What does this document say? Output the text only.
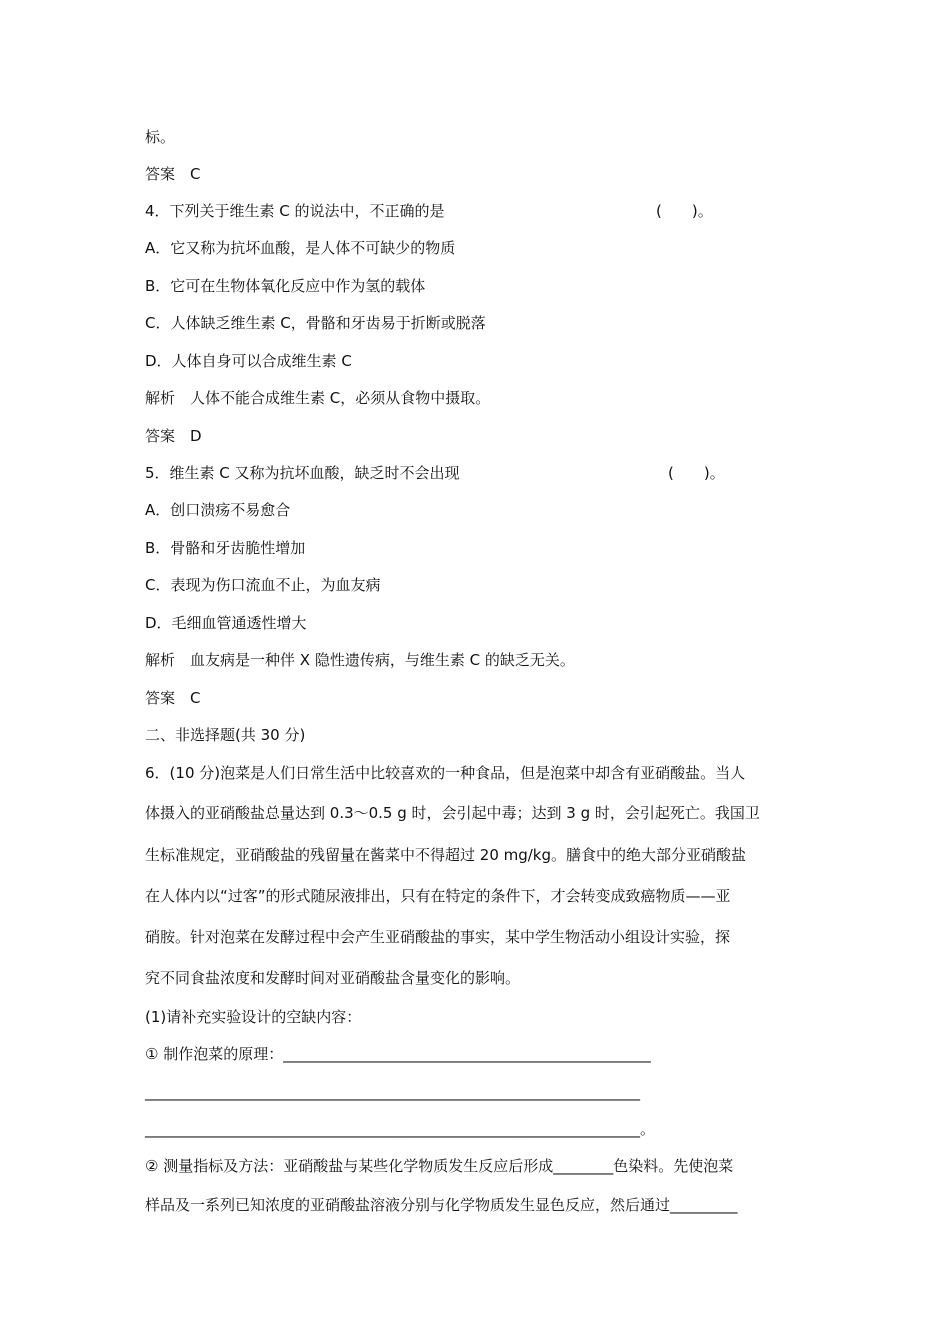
标。
答案　C
4．下列关于维生素 C 的说法中，不正确的是	(　　)。
A．它又称为抗坏血酸，是人体不可缺少的物质
B．它可在生物体氧化反应中作为氢的载体
C．人体缺乏维生素 C，骨骼和牙齿易于折断或脱落
D．人体自身可以合成维生素 C
解析　人体不能合成维生素 C，必须从食物中摄取。
答案　D
5．维生素 C 又称为抗坏血酸，缺乏时不会出现	(　　)。
A．创口溃疡不易愈合
B．骨骼和牙齿脆性增加
C．表现为伤口流血不止，为血友病
D．毛细血管通透性增大
解析　血友病是一种伴 X 隐性遗传病，与维生素 C 的缺乏无关。
答案　C
二、非选择题(共 30 分)
6．(10 分)泡菜是人们日常生活中比较喜欢的一种食品，但是泡菜中却含有亚硝酸盐。当人
体摄入的亚硝酸盐总量达到 0.3～0.5 g 时，会引起中毒；达到 3 g 时，会引起死亡。我国卫
生标准规定，亚硝酸盐的残留量在酱菜中不得超过 20 mg/kg。膳食中的绝大部分亚硝酸盐
在人体内以“过客”的形式随尿液排出，只有在特定的条件下，才会转变成致癌物质——亚
硝胺。针对泡菜在发酵过程中会产生亚硝酸盐的事实，某中学生物活动小组设计实验，探
究不同食盐浓度和发酵时间对亚硝酸盐含量变化的影响。
(1)请补充实验设计的空缺内容：
① 制作泡菜的原理：_________________________________________________
__________________________________________________________________
__________________________________________________________________。
② 测量指标及方法：亚硝酸盐与某些化学物质发生反应后形成________色染料。先使泡菜
样品及一系列已知浓度的亚硝酸盐溶液分别与化学物质发生显色反应，然后通过_________
